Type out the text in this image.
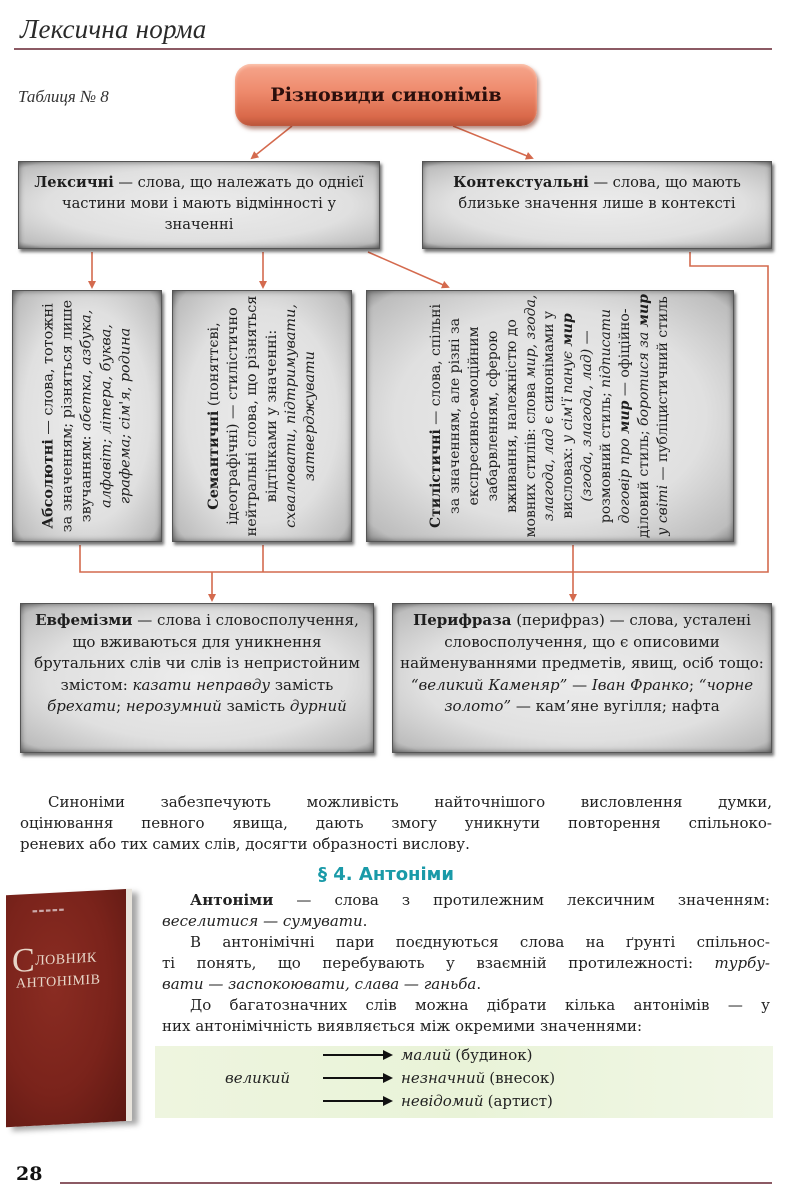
Лексична норма
Таблиця № 8	Різновиди синонімів
Лексичні — слова, що належать до однієї частини мови і мають відмінності у значенні
Контекстуальні — слова, що мають близьке значення лише в контексті
Абсолютні — слова, тотожні за значенням; різняться лише звучанням: абетка, азбука, алфавіт; літера, буква, графема; сім'я, родина	Семантичні (поняттєві, ідеографічні) — стилістично нейтральні слова, що різняться відтінками у значенні: схвалювати, підтримувати, затверджувати	Стилістичні — слова, спільні за значенням, але різні за експресивно-емоційним забарвленням, сферою вживання, належністю до мовних стилів: слова мир, згода, злагода, лад є синонімами у висловах: у сім'ї панує мир (згода, злагода, лад) — розмовний стиль; підписати договір про мир — офіційно-діловий стиль; боротися за мир у світі — публіцистичний стиль
Евфемізми — слова і словосполучення, що вживаються для уникнення брутальних слів чи слів із непристойним змістом: казати неправду замість брехати; нерозумний замість дурний
Перифраза (перифраз) — слова, усталені словосполучення, що є описовими найменуваннями предметів, явищ, осіб тощо: “великий Каменяр” — Іван Франко; “чорне золото” — кам’яне вугілля; нафта
Синоніми забезпечують можливість найточнішого висловлення думки,
оцінювання певного явища, дають змогу уникнути повторення спільноко-
реневих або тих самих слів, досягти образності вислову.
▬▬▬▬▬
СЛОВНИК
АНТОНІМІВ
§ 4. Антоніми
Антоніми — слова з протилежним лексичним значенням:
веселитися — сумувати.
В антонімічні пари поєднуються слова на ґрунті спільнос-
ті понять, що перебувають у взаємній протилежності: турбу-
вати — заспокоювати, слава — ганьба.
До багатозначних слів можна дібрати кілька антонімів — у
них антонімічність виявляється між окремими значеннями:
великий
малий (будинок)
незначний (внесок)
невідомий (артист)
28
